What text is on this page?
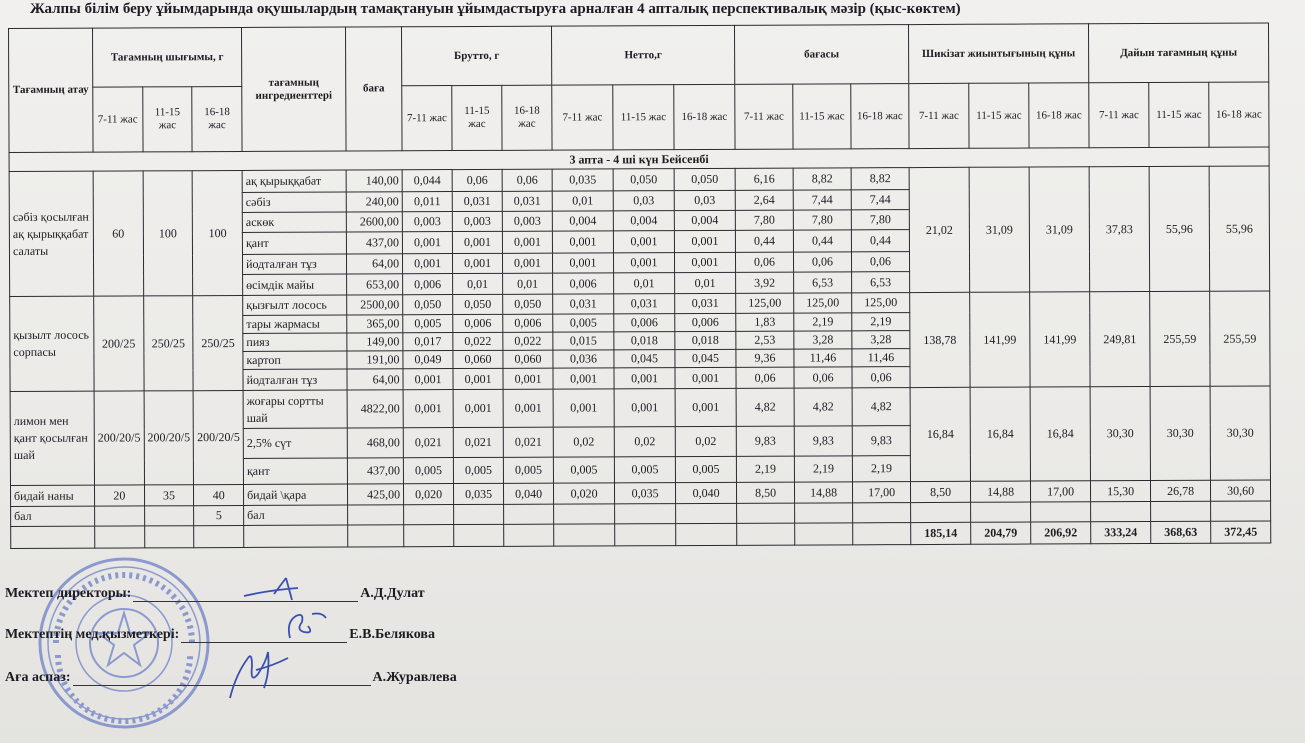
Жалпы білім беру ұйымдарында оқушылардың тамақтануын ұйымдастыруға арналған 4 апталық перспективалық мәзір (қыс-көктем)
Тағамның атау	Тағамның шығымы, г			тағамның ингредиенттері	баға	Брутто, г			Нетто,г			бағасы			Шикізат жиынтығының құны			Дайын тағамның құны		
	7-11 жас	11-15 жас	16-18 жас			7-11 жас	11-15 жас	16-18 жас	7-11 жас	11-15 жас	16-18 жас	7-11 жас	11-15 жас	16-18 жас	7-11 жас	11-15 жас	16-18 жас	7-11 жас	11-15 жас	16-18 жас
3 апта - 4 ші күн Бейсенбі																				
сәбіз қосылған ақ қырыққабат салаты	60	100	100	ақ қырыққабат	140,00	0,044	0,06	0,06	0,035	0,050	0,050	6,16	8,82	8,82	21,02	31,09	31,09	37,83	55,96	55,96
				сәбіз	240,00	0,011	0,031	0,031	0,01	0,03	0,03	2,64	7,44	7,44						
				аскөк	2600,00	0,003	0,003	0,003	0,004	0,004	0,004	7,80	7,80	7,80						
				қант	437,00	0,001	0,001	0,001	0,001	0,001	0,001	0,44	0,44	0,44						
				йодталған тұз	64,00	0,001	0,001	0,001	0,001	0,001	0,001	0,06	0,06	0,06						
				өсімдік майы	653,00	0,006	0,01	0,01	0,006	0,01	0,01	3,92	6,53	6,53						
қызылт лосось сорпасы	200/25	250/25	250/25	қызғылт лосось	2500,00	0,050	0,050	0,050	0,031	0,031	0,031	125,00	125,00	125,00	138,78	141,99	141,99	249,81	255,59	255,59
				тары жармасы	365,00	0,005	0,006	0,006	0,005	0,006	0,006	1,83	2,19	2,19						
				пияз	149,00	0,017	0,022	0,022	0,015	0,018	0,018	2,53	3,28	3,28						
				картоп	191,00	0,049	0,060	0,060	0,036	0,045	0,045	9,36	11,46	11,46						
				йодталған тұз	64,00	0,001	0,001	0,001	0,001	0,001	0,001	0,06	0,06	0,06						
лимон мен қант қосылған шай	200/20/5	200/20/5	200/20/5	жоғары сортты шай	4822,00	0,001	0,001	0,001	0,001	0,001	0,001	4,82	4,82	4,82	16,84	16,84	16,84	30,30	30,30	30,30
				2,5% сүт	468,00	0,021	0,021	0,021	0,02	0,02	0,02	9,83	9,83	9,83						
				қант	437,00	0,005	0,005	0,005	0,005	0,005	0,005	2,19	2,19	2,19						
бидай наны	20	35	40	бидай \қара	425,00	0,020	0,035	0,040	0,020	0,035	0,040	8,50	14,88	17,00	8,50	14,88	17,00	15,30	26,78	30,60
бал			5	бал																
															185,14	204,79	206,92	333,24	368,63	372,45
Мектеп директоры:	А.Д.Дулат
Мектептің мед.қызметкері:	Е.В.Белякова
Аға аспаз:	А.Журавлева
